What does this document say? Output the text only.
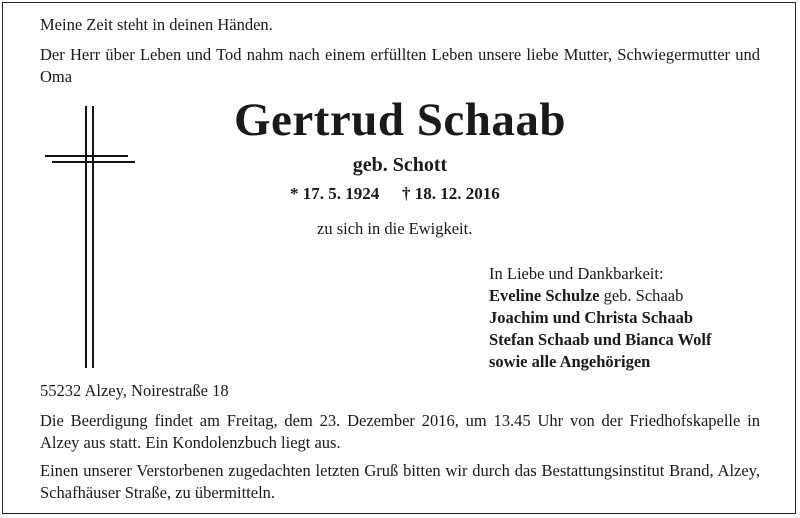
Meine Zeit steht in deinen Händen.
Der Herr über Leben und Tod nahm nach einem erfüllten Leben unsere liebe Mutter, Schwiegermutter und Oma
Gertrud Schaab
geb. Schott
* 17. 5. 1924 † 18. 12. 2016
zu sich in die Ewigkeit.
In Liebe und Dankbarkeit:
Eveline Schulze geb. Schaab
Joachim und Christa Schaab
Stefan Schaab und Bianca Wolf
sowie alle Angehörigen
55232 Alzey, Noirestraße 18
Die Beerdigung findet am Freitag, dem 23. Dezember 2016, um 13.45 Uhr von der Friedhofskapelle in Alzey aus statt. Ein Kondolenzbuch liegt aus.
Einen unserer Verstorbenen zugedachten letzten Gruß bitten wir durch das Bestattungsinstitut Brand, Alzey, Schafhäuser Straße, zu übermitteln.
